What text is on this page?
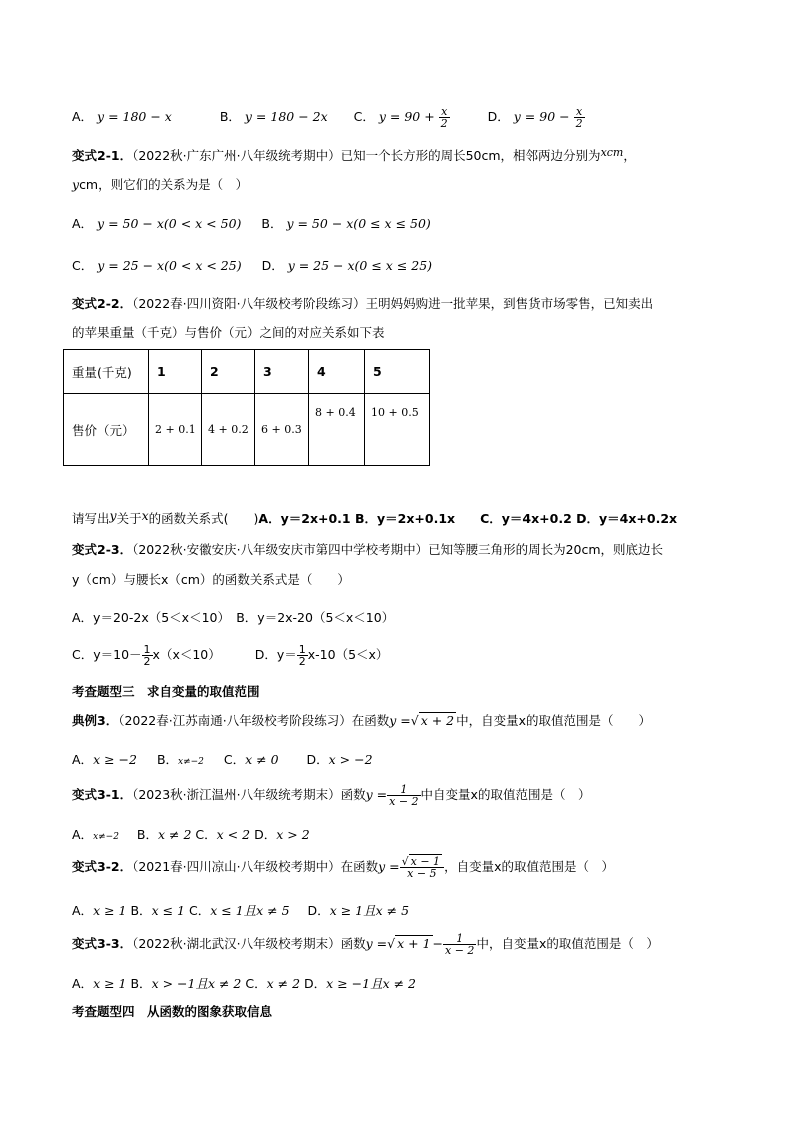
A． y = 180 − x	B． y = 180 − 2x C． $y = 90 + \frac{x}{2}$	D． $y = 90 - \frac{x}{2}$
变式2-1．（2022秋·广东广州·八年级统考期中）已知一个长方形的周长50cm，相邻两边分别为xcm，
ycm，则它们的关系为是（　）
A． y = 50 − x(0 < x < 50) B． y = 50 − x(0 ≤ x ≤ 50)
C． y = 25 − x(0 < x < 25) D． y = 25 − x(0 ≤ x ≤ 25)
变式2-2．（2022春·四川资阳·八年级校考阶段练习）王明妈妈购进一批苹果，到售货市场零售，已知卖出
的苹果重量（千克）与售价（元）之间的对应关系如下表
重量(千克)	1	2	3	4	5
售价（元）	2 + 0.1	4 + 0.2	6 + 0.3	8 + 0.4	10 + 0.5
请写出y关于x的函数关系式(　　)A．y＝2x+0.1 B．y＝2x+0.1x　　C．y＝4x+0.2 D．y＝4x+0.2x
变式2-3．（2022秋·安徽安庆·八年级安庆市第四中学校考期中）已知等腰三角形的周长为20cm，则底边长
y（cm）与腰长x（cm）的函数关系式是（　　）
A．y＝20-2x（5＜x＜10）　B．y＝2x-20（5＜x＜10）
C．$y=10- \frac{1}{2} x(x<10)$	D．$y= \frac{1}{2} x-10(5<x)$
考查题型三　求自变量的取值范围
典例3．（2022春·江苏南通·八年级校考阶段练习）在函数y =√ x + 2 中，自变量x的取值范围是（　　）
A．x ≥ −2 B．x≠−2 C．x ≠ 0 D．x > −2
变式3-1．（2023秋·浙江温州·八年级统考期末）函数$y = \frac{1}{x - 2}$ 中自变量x的取值范围是（　）
A．x≠−2 B．x ≠ 2 C．x < 2 D．x > 2
变式3-2．（2021春·四川凉山·八年级校考期中）在函数$y = \frac{√ x - 1}{x - 5}$ ，自变量x的取值范围是（　）
A．x ≥ 1 B．x ≤ 1 C．x ≤ 1且x ≠ 5 D．x ≥ 1且x ≠ 5
变式3-3．（2022秋·湖北武汉·八年级校考期末）函数y =√ $x + 1 - \frac{1}{x - 2}$ 中，自变量x的取值范围是（　）
A．x ≥ 1 B．x > −1且x ≠ 2 C．x ≠ 2 D．x ≥ −1且x ≠ 2
考查题型四　从函数的图象获取信息
